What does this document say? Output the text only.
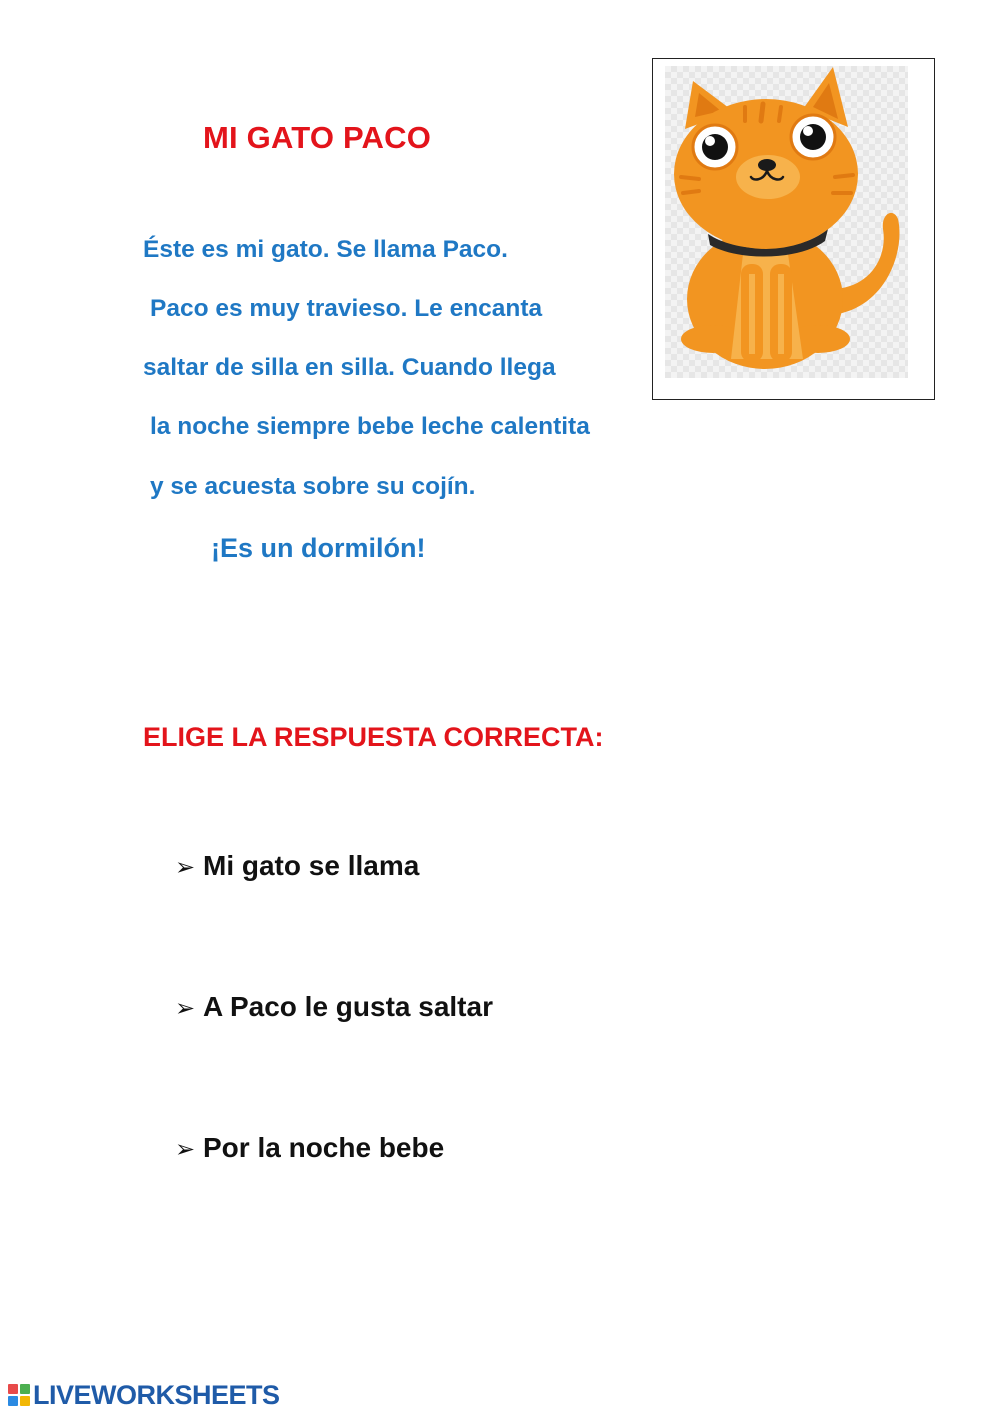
MI GATO PACO
Éste es mi gato. Se llama Paco.
Paco es muy travieso. Le encanta
saltar de silla en silla. Cuando llega
la noche siempre bebe leche calentita
y se acuesta sobre su cojín.
¡Es un dormilón!
ELIGE LA RESPUESTA CORRECTA:
➢ Mi gato se llama
➢ A Paco le gusta saltar
➢ Por la noche bebe
LIVEWORKSHEETS
